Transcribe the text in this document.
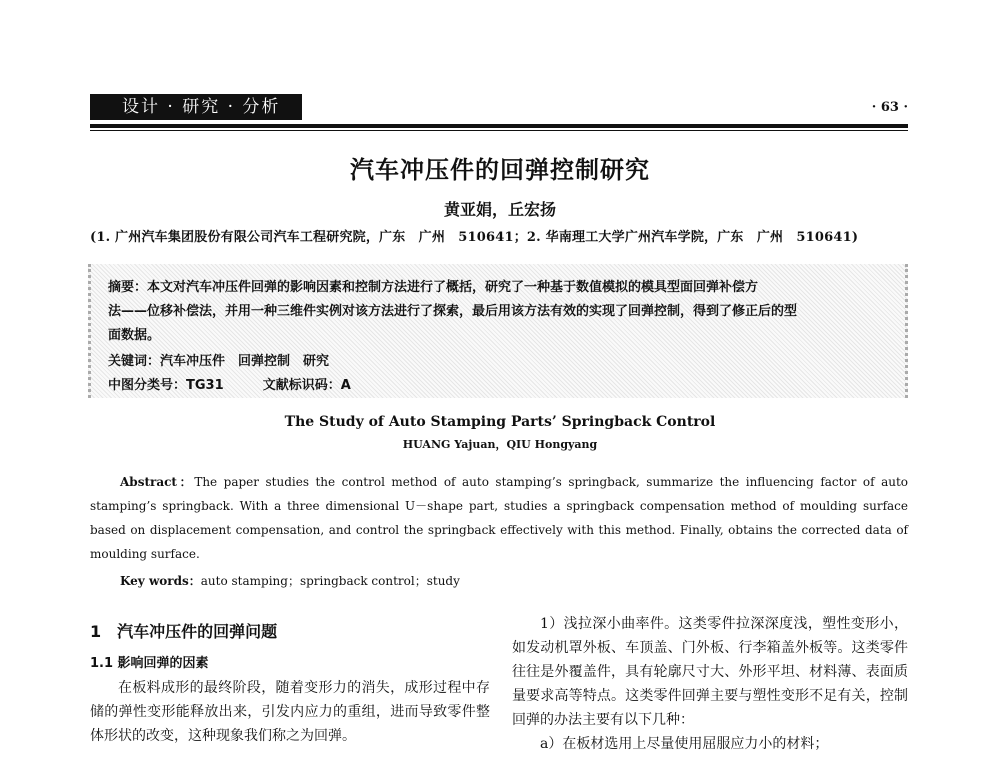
设计 · 研究 · 分析	· 63 ·
汽车冲压件的回弹控制研究
黄亚娟，丘宏扬
(1. 广州汽车集团股份有限公司汽车工程研究院，广东　广州　510641；2. 华南理工大学广州汽车学院，广东　广州　510641)
摘要：本文对汽车冲压件回弹的影响因素和控制方法进行了概括，研究了一种基于数值模拟的模具型面回弹补偿方
法——位移补偿法，并用一种三维件实例对该方法进行了探索，最后用该方法有效的实现了回弹控制，得到了修正后的型
面数据。
关键词：汽车冲压件　回弹控制　研究
中图分类号：TG31	文献标识码：A
The Study of Auto Stamping Parts’ Springback Control
HUANG Yajuan，QIU Hongyang
Abstract：The paper studies the control method of auto stamping’s springback, summarize the influencing factor of auto stamping’s springback. With a three dimensional U－shape part, studies a springback compensation method of moulding surface based on displacement compensation, and control the springback effectively with this method. Finally, obtains the corrected data of moulding surface.
Key words：auto stamping；springback control；study
1　汽车冲压件的回弹问题
1.1 影响回弹的因素
在板料成形的最终阶段，随着变形力的消失，成形过程中存储的弹性变形能释放出来，引发内应力的重组，进而导致零件整体形状的改变，这种现象我们称之为回弹。
1）浅拉深小曲率件。这类零件拉深深度浅，塑性变形小，如发动机罩外板、车顶盖、门外板、行李箱盖外板等。这类零件往往是外覆盖件，具有轮廓尺寸大、外形平坦、材料薄、表面质量要求高等特点。这类零件回弹主要与塑性变形不足有关，控制回弹的办法主要有以下几种：
a）在板材选用上尽量使用屈服应力小的材料；
